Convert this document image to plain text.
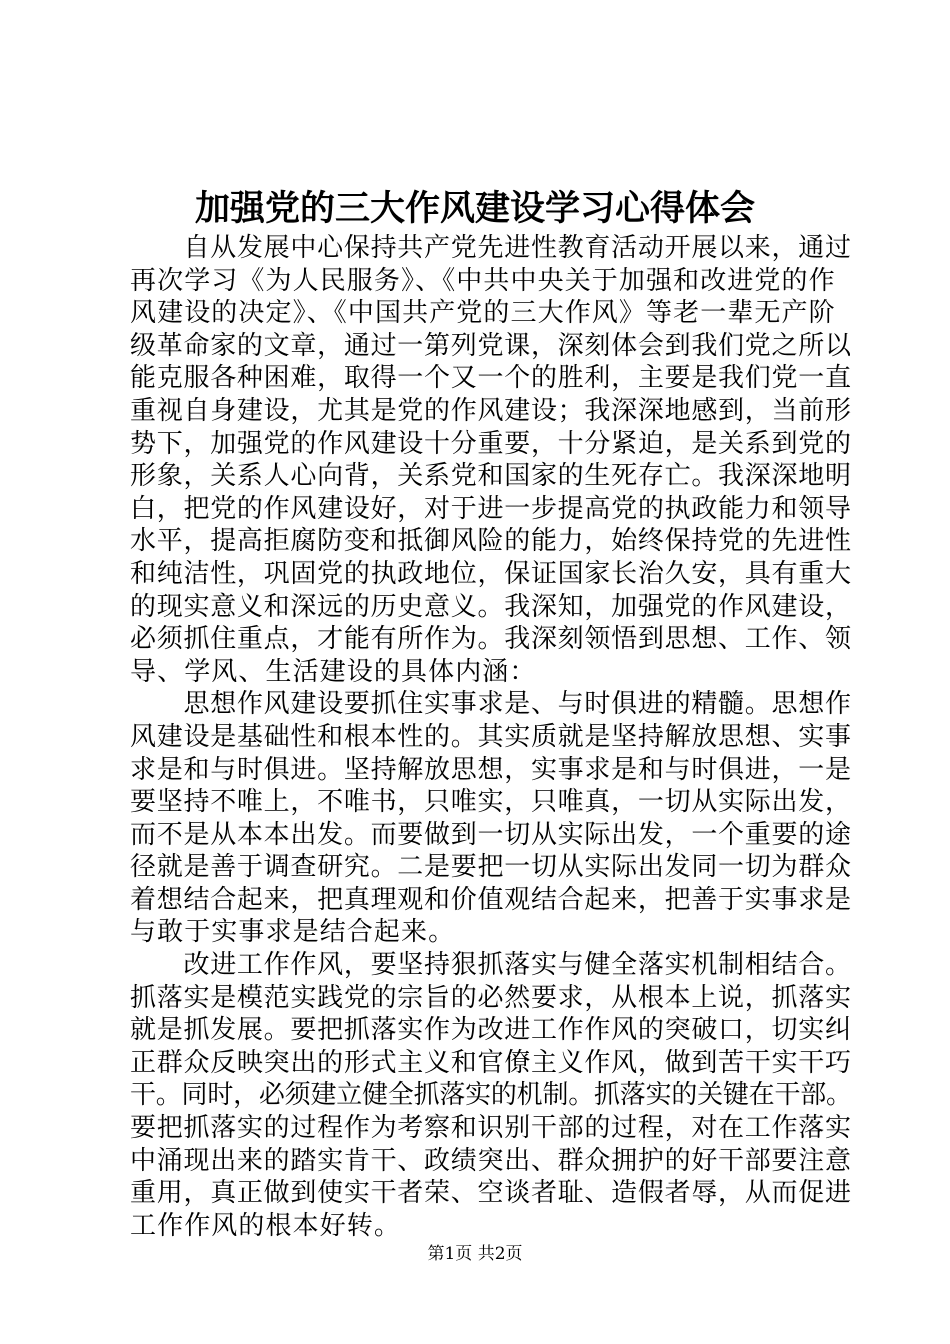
加强党的三大作风建设学习心得体会
　　自从发展中心保持共产党先进性教育活动开展以来，通过
再次学习《为人民服务》、《中共中央关于加强和改进党的作
风建设的决定》、《中国共产党的三大作风》等老一辈无产阶
级革命家的文章，通过一第列党课，深刻体会到我们党之所以
能克服各种困难，取得一个又一个的胜利，主要是我们党一直
重视自身建设，尤其是党的作风建设；我深深地感到，当前形
势下，加强党的作风建设十分重要，十分紧迫，是关系到党的
形象，关系人心向背，关系党和国家的生死存亡。我深深地明
白，把党的作风建设好，对于进一步提高党的执政能力和领导
水平，提高拒腐防变和抵御风险的能力，始终保持党的先进性
和纯洁性，巩固党的执政地位，保证国家长治久安，具有重大
的现实意义和深远的历史意义。我深知，加强党的作风建设，
必须抓住重点，才能有所作为。我深刻领悟到思想、工作、领
导、学风、生活建设的具体内涵：
　　思想作风建设要抓住实事求是、与时俱进的精髓。思想作
风建设是基础性和根本性的。其实质就是坚持解放思想、实事
求是和与时俱进。坚持解放思想，实事求是和与时俱进，一是
要坚持不唯上，不唯书，只唯实，只唯真，一切从实际出发，
而不是从本本出发。而要做到一切从实际出发，一个重要的途
径就是善于调查研究。二是要把一切从实际出发同一切为群众
着想结合起来，把真理观和价值观结合起来，把善于实事求是
与敢于实事求是结合起来。
　　改进工作作风，要坚持狠抓落实与健全落实机制相结合。
抓落实是模范实践党的宗旨的必然要求，从根本上说，抓落实
就是抓发展。要把抓落实作为改进工作作风的突破口，切实纠
正群众反映突出的形式主义和官僚主义作风，做到苦干实干巧
干。同时，必须建立健全抓落实的机制。抓落实的关键在干部。
要把抓落实的过程作为考察和识别干部的过程，对在工作落实
中涌现出来的踏实肯干、政绩突出、群众拥护的好干部要注意
重用，真正做到使实干者荣、空谈者耻、造假者辱，从而促进
工作作风的根本好转。
第1页 共2页
